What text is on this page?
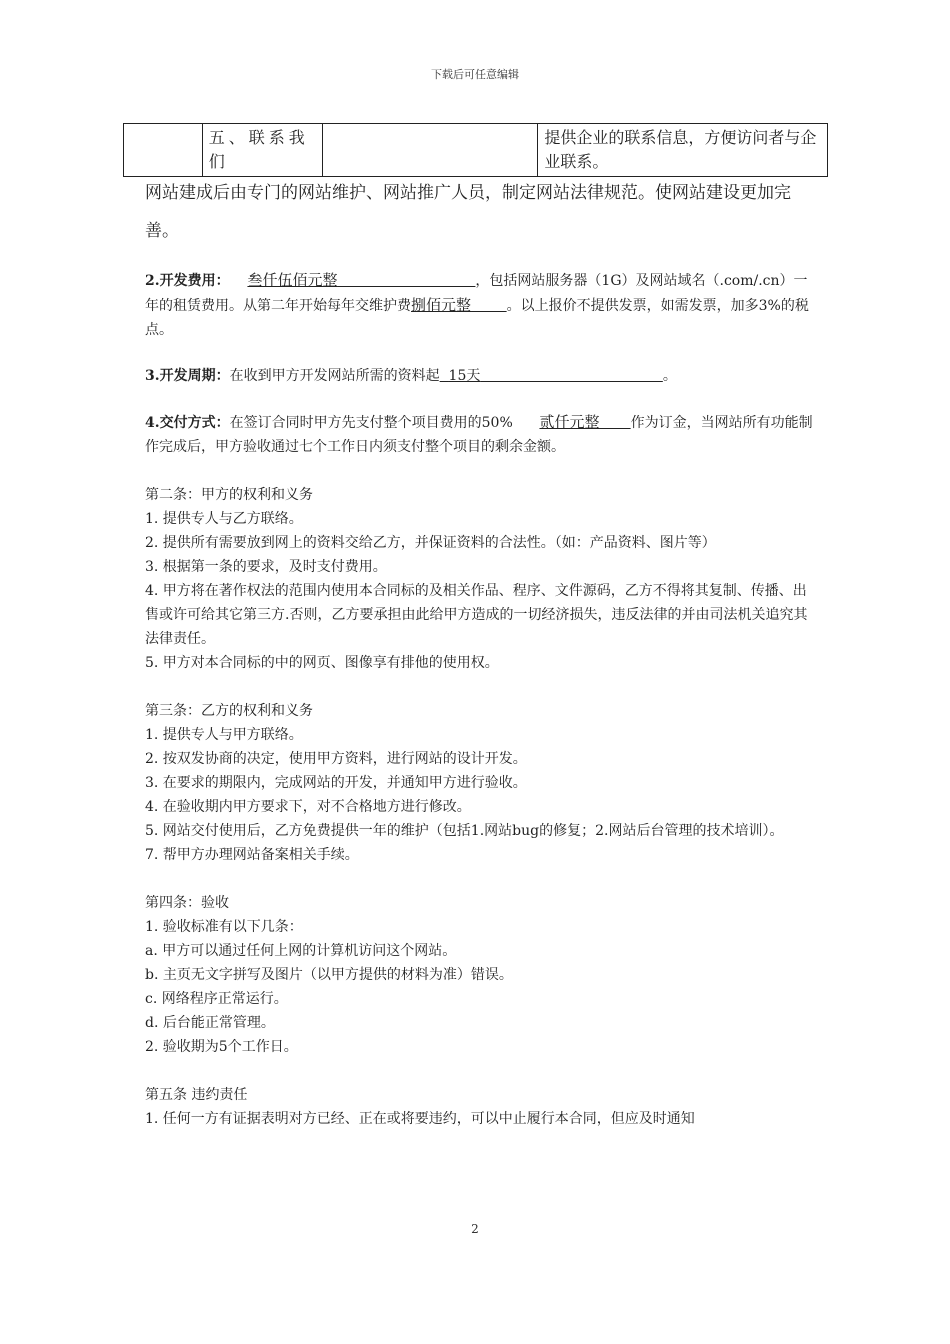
下载后可任意编辑
	五、联系我们		提供企业的联系信息，方便访问者与企业联系。
网站建成后由专门的网站维护、网站推广人员，制定网站法律规范。使网站建设更加完善。

2.开发费用： 叁仟伍佰元整	，包括网站服务器（1G）及网站域名（.com/.cn）一年的租赁费用。从第二年开始每年交维护费捌佰元整	。以上报价不提供发票，如需发票，加多3%的税点。

3.开发周期：在收到甲方开发网站所需的资料起 15天	。

4.交付方式：在签订合同时甲方先支付整个项目费用的50% 贰仟元整 作为订金，当网站所有功能制作完成后，甲方验收通过七个工作日内须支付整个项目的剩余金额。

第二条：甲方的权利和义务

1. 提供专人与乙方联络。

2. 提供所有需要放到网上的资料交给乙方，并保证资料的合法性。（如：产品资料、图片等）

3. 根据第一条的要求，及时支付费用。

4. 甲方将在著作权法的范围内使用本合同标的及相关作品、程序、文件源码，乙方不得将其复制、传播、出售或许可给其它第三方.否则，乙方要承担由此给甲方造成的一切经济损失，违反法律的并由司法机关追究其法律责任。

5. 甲方对本合同标的中的网页、图像享有排他的使用权。

第三条：乙方的权利和义务

1. 提供专人与甲方联络。

2. 按双发协商的决定，使用甲方资料，进行网站的设计开发。

3. 在要求的期限内，完成网站的开发，并通知甲方进行验收。

4. 在验收期内甲方要求下，对不合格地方进行修改。

5. 网站交付使用后，乙方免费提供一年的维护（包括1.网站bug的修复；2.网站后台管理的技术培训）。

7. 帮甲方办理网站备案相关手续。

第四条：验收

1. 验收标准有以下几条：

a. 甲方可以通过任何上网的计算机访问这个网站。

b. 主页无文字拼写及图片（以甲方提供的材料为准）错误。

c. 网络程序正常运行。

d. 后台能正常管理。

2. 验收期为5个工作日。

第五条 违约责任

1. 任何一方有证据表明对方已经、正在或将要违约，可以中止履行本合同，但应及时通知

2
